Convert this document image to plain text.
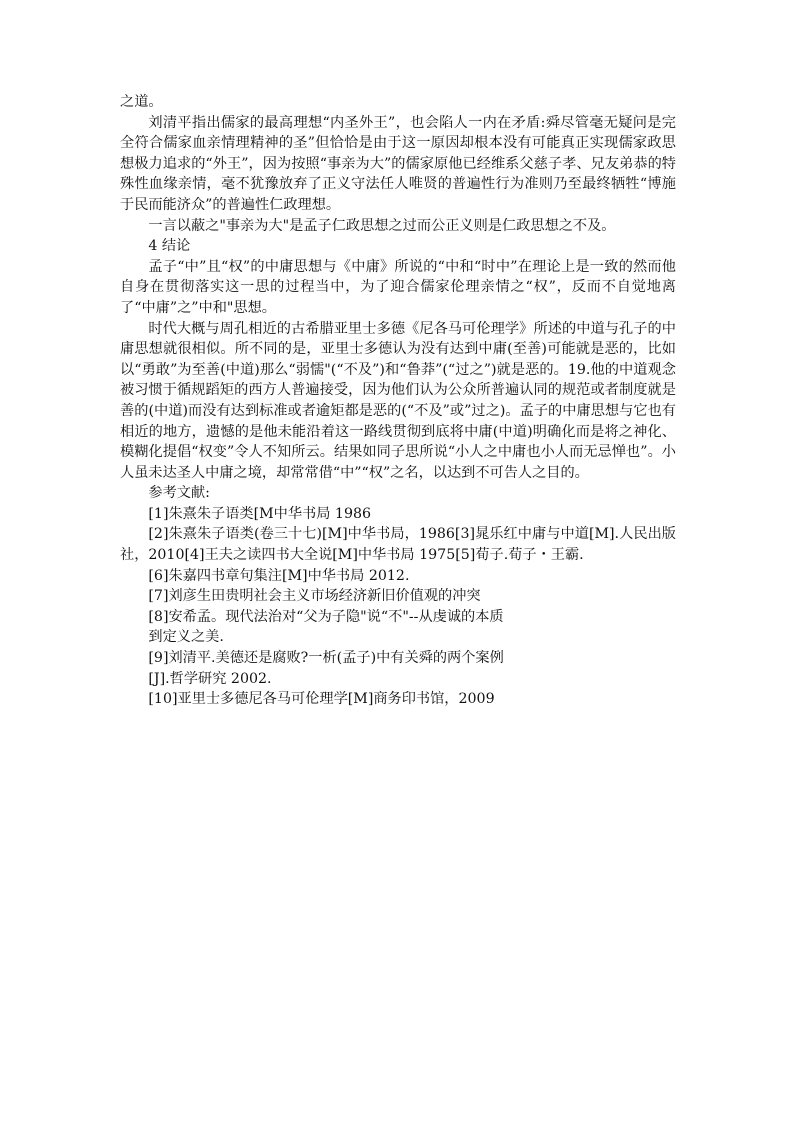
之道。

刘清平指出儒家的最高理想“内圣外王”，也会陷人一内在矛盾:舜尽管毫无疑问是完全符合儒家血亲情理精神的圣”但恰恰是由于这一原因却根本没有可能真正实现儒家政思想极力追求的“外王”，因为按照“事亲为大”的儒家原他已经维系父慈子孝、兄友弟恭的特殊性血缘亲情，毫不犹豫放弃了正义守法任人唯贤的普遍性行为准则乃至最终牺牲“博施于民而能济众”的普遍性仁政理想。

一言以蔽之"事亲为大"是孟子仁政思想之过而公正义则是仁政思想之不及。

4 结论

孟子“中”且“权”的中庸思想与《中庸》所说的“中和“时中”在理论上是一致的然而他自身在贯彻落实这一思的过程当中，为了迎合儒家伦理亲情之“权”，反而不自觉地离了“中庸”之”中和"思想。

时代大概与周孔相近的古希腊亚里士多德《尼各马可伦理学》所述的中道与孔子的中庸思想就很相似。所不同的是，亚里士多德认为没有达到中庸(至善)可能就是恶的，比如以“勇敢”为至善(中道)那么“弱懦"(“不及”)和“鲁莽”(“过之”)就是恶的。19.他的中道观念被习惯于循规蹈矩的西方人普遍接受，因为他们认为公众所普遍认同的规范或者制度就是善的(中道)而没有达到标准或者逾矩都是恶的(“不及”或”过之)。孟子的中庸思想与它也有相近的地方，遗憾的是他未能沿着这一路线贯彻到底将中庸(中道)明确化而是将之神化、模糊化提倡“权变”令人不知所云。结果如同子思所说“小人之中庸也小人而无忌惮也”。小人虽未达圣人中庸之境，却常常借“中”“权”之名，以达到不可告人之目的。

参考文献:

[1]朱熹朱子语类[M中华书局 1986

[2]朱熹朱子语类(卷三十七)[M]中华书局，1986[3]晁乐红中庸与中道[M].人民出版社，2010[4]王夫之读四书大全说[M]中华书局 1975[5]荀子.荀子・王霸.

[6]朱嘉四书章句集注[M]中华书局 2012.

[7]刘彦生田贵明社会主义市场经济新旧价值观的冲突

[8]安希孟。现代法治对“父为子隐"说“不"--从虔诚的本质

到定义之美.

[9]刘清平.美德还是腐败?一析(孟子)中有关舜的两个案例

[J].哲学研究 2002.

[10]亚里士多德尼各马可伦理学[M]商务印书馆，2009
